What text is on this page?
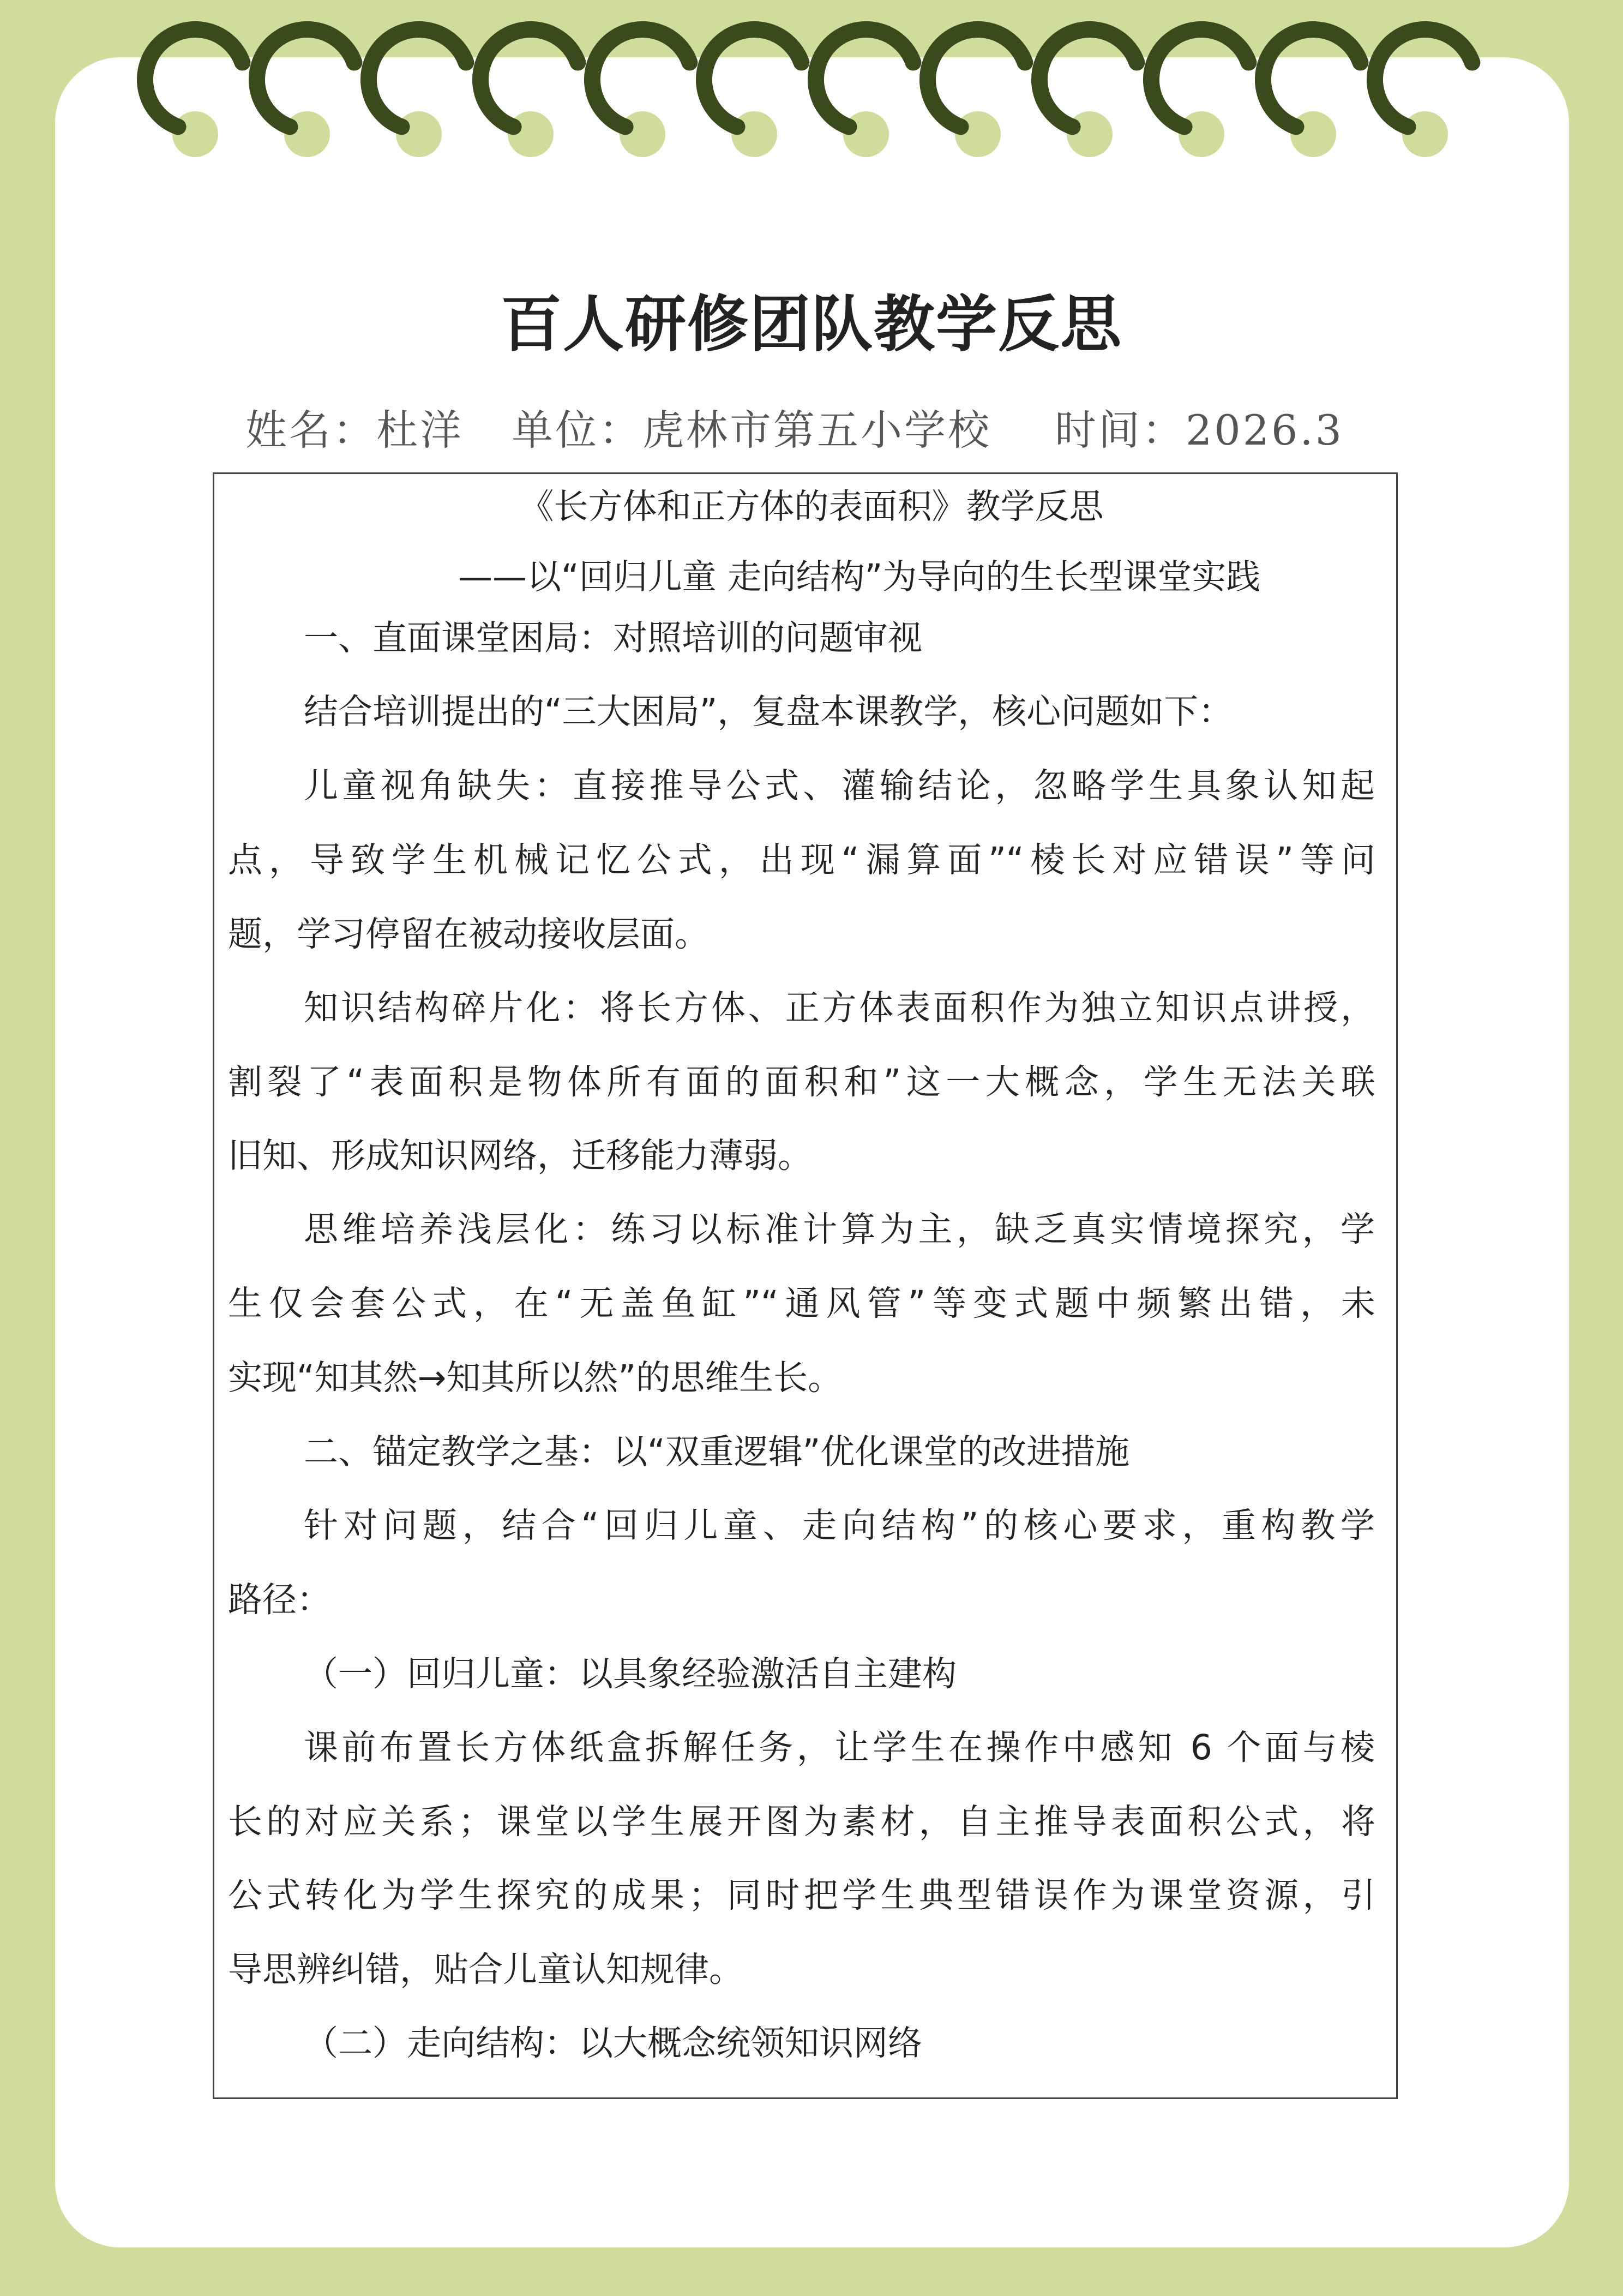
百人研修团队教学反思
姓名：杜洋 单位：虎林市第五小学校 时间：2026.3
《长方体和正方体的表面积》教学反思
——以“回归儿童 走向结构”为导向的生长型课堂实践
一、直面课堂困局：对照培训的问题审视
结合培训提出的“三大困局”，复盘本课教学，核心问题如下：
儿童视角缺失：直接推导公式、灌输结论，忽略学生具象认知起
点，导致学生机械记忆公式，出现“漏算面”“棱长对应错误”等问
题，学习停留在被动接收层面。
知识结构碎片化：将长方体、正方体表面积作为独立知识点讲授，
割裂了“表面积是物体所有面的面积和”这一大概念，学生无法关联
旧知、形成知识网络，迁移能力薄弱。
思维培养浅层化：练习以标准计算为主，缺乏真实情境探究，学
生仅会套公式，在“无盖鱼缸”“通风管”等变式题中频繁出错，未
实现“知其然→知其所以然”的思维生长。
二、锚定教学之基：以“双重逻辑”优化课堂的改进措施
针对问题，结合“回归儿童、走向结构”的核心要求，重构教学
路径：
（一）回归儿童：以具象经验激活自主建构
课前布置长方体纸盒拆解任务，让学生在操作中感知 6 个面与棱
长的对应关系；课堂以学生展开图为素材，自主推导表面积公式，将
公式转化为学生探究的成果；同时把学生典型错误作为课堂资源，引
导思辨纠错，贴合儿童认知规律。
（二）走向结构：以大概念统领知识网络
